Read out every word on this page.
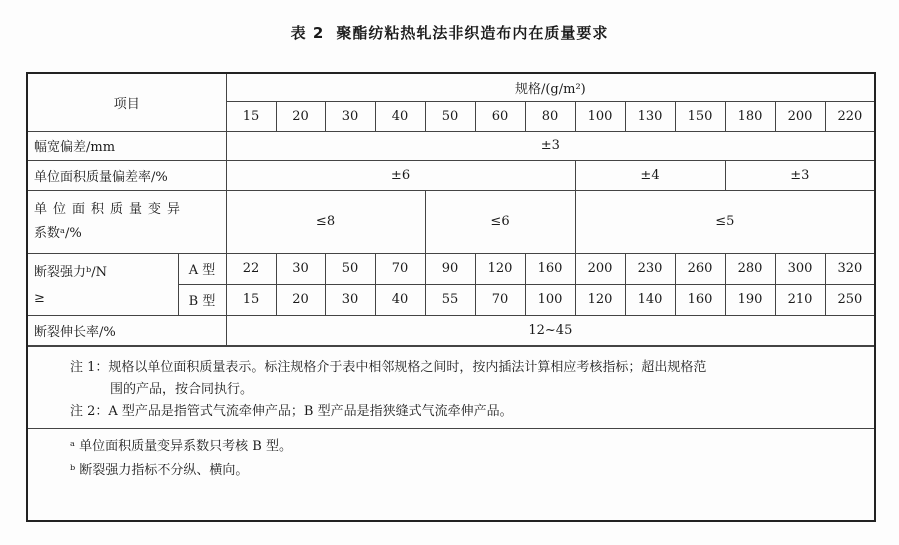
表 2 聚酯纺粘热轧法非织造布内在质量要求
项目		规格/(g/m²)												
		15	20	30	40	50	60	80	100	130	150	180	200	220
幅宽偏差/mm		±3												
单位面积质量偏差率/%		±6							±4			±3		

单位面积质量变异
系数ᵃ/%		≤8				≤6			≤5					

断裂强力ᵇ/N
≥	A 型	22	30	50	70	90	120	160	200	230	260	280	300	320
	B 型	15	20	30	40	55	70	100	120	140	160	190	210	250
断裂伸长率/%		12~45												

注 1：规格以单位面积质量表示。标注规格介于表中相邻规格之间时，按内插法计算相应考核指标；超出规格范

围的产品，按合同执行。

注 2：A 型产品是指管式气流牵伸产品；B 型产品是指狭缝式气流牵伸产品。

ᵃ 单位面积质量变异系数只考核 B 型。

ᵇ 断裂强力指标不分纵、横向。
